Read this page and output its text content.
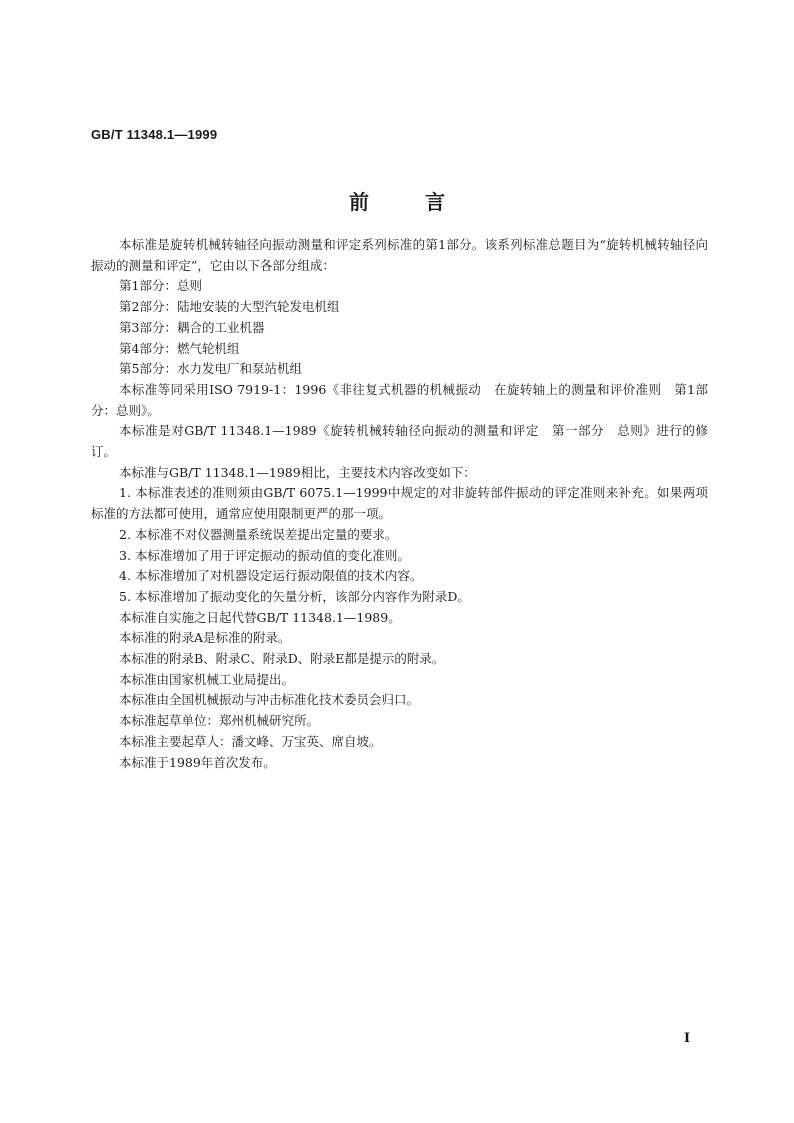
GB/T 11348.1—1999
前言

本标准是旋转机械转轴径向振动测量和评定系列标准的第1部分。该系列标准总题目为“旋转机械转轴径向振动的测量和评定”，它由以下各部分组成：

第1部分：总则

第2部分：陆地安装的大型汽轮发电机组

第3部分：耦合的工业机器

第4部分：燃气轮机组

第5部分：水力发电厂和泵站机组

本标准等同采用ISO 7919-1：1996《非往复式机器的机械振动　在旋转轴上的测量和评价准则　第1部分：总则》。

本标准是对GB/T 11348.1—1989《旋转机械转轴径向振动的测量和评定　第一部分　总则》进行的修订。

本标准与GB/T 11348.1—1989相比，主要技术内容改变如下：

1. 本标准表述的准则须由GB/T 6075.1—1999中规定的对非旋转部件振动的评定准则来补充。如果两项标准的方法都可使用，通常应使用限制更严的那一项。

2. 本标准不对仪器测量系统误差提出定量的要求。

3. 本标准增加了用于评定振动的振动值的变化准则。

4. 本标准增加了对机器设定运行振动限值的技术内容。

5. 本标准增加了振动变化的矢量分析，该部分内容作为附录D。

本标准自实施之日起代替GB/T 11348.1—1989。

本标准的附录A是标准的附录。

本标准的附录B、附录C、附录D、附录E都是提示的附录。

本标准由国家机械工业局提出。

本标准由全国机械振动与冲击标准化技术委员会归口。

本标准起草单位：郑州机械研究所。

本标准主要起草人：潘文峰、万宝英、席自坡。

本标准于1989年首次发布。

I
